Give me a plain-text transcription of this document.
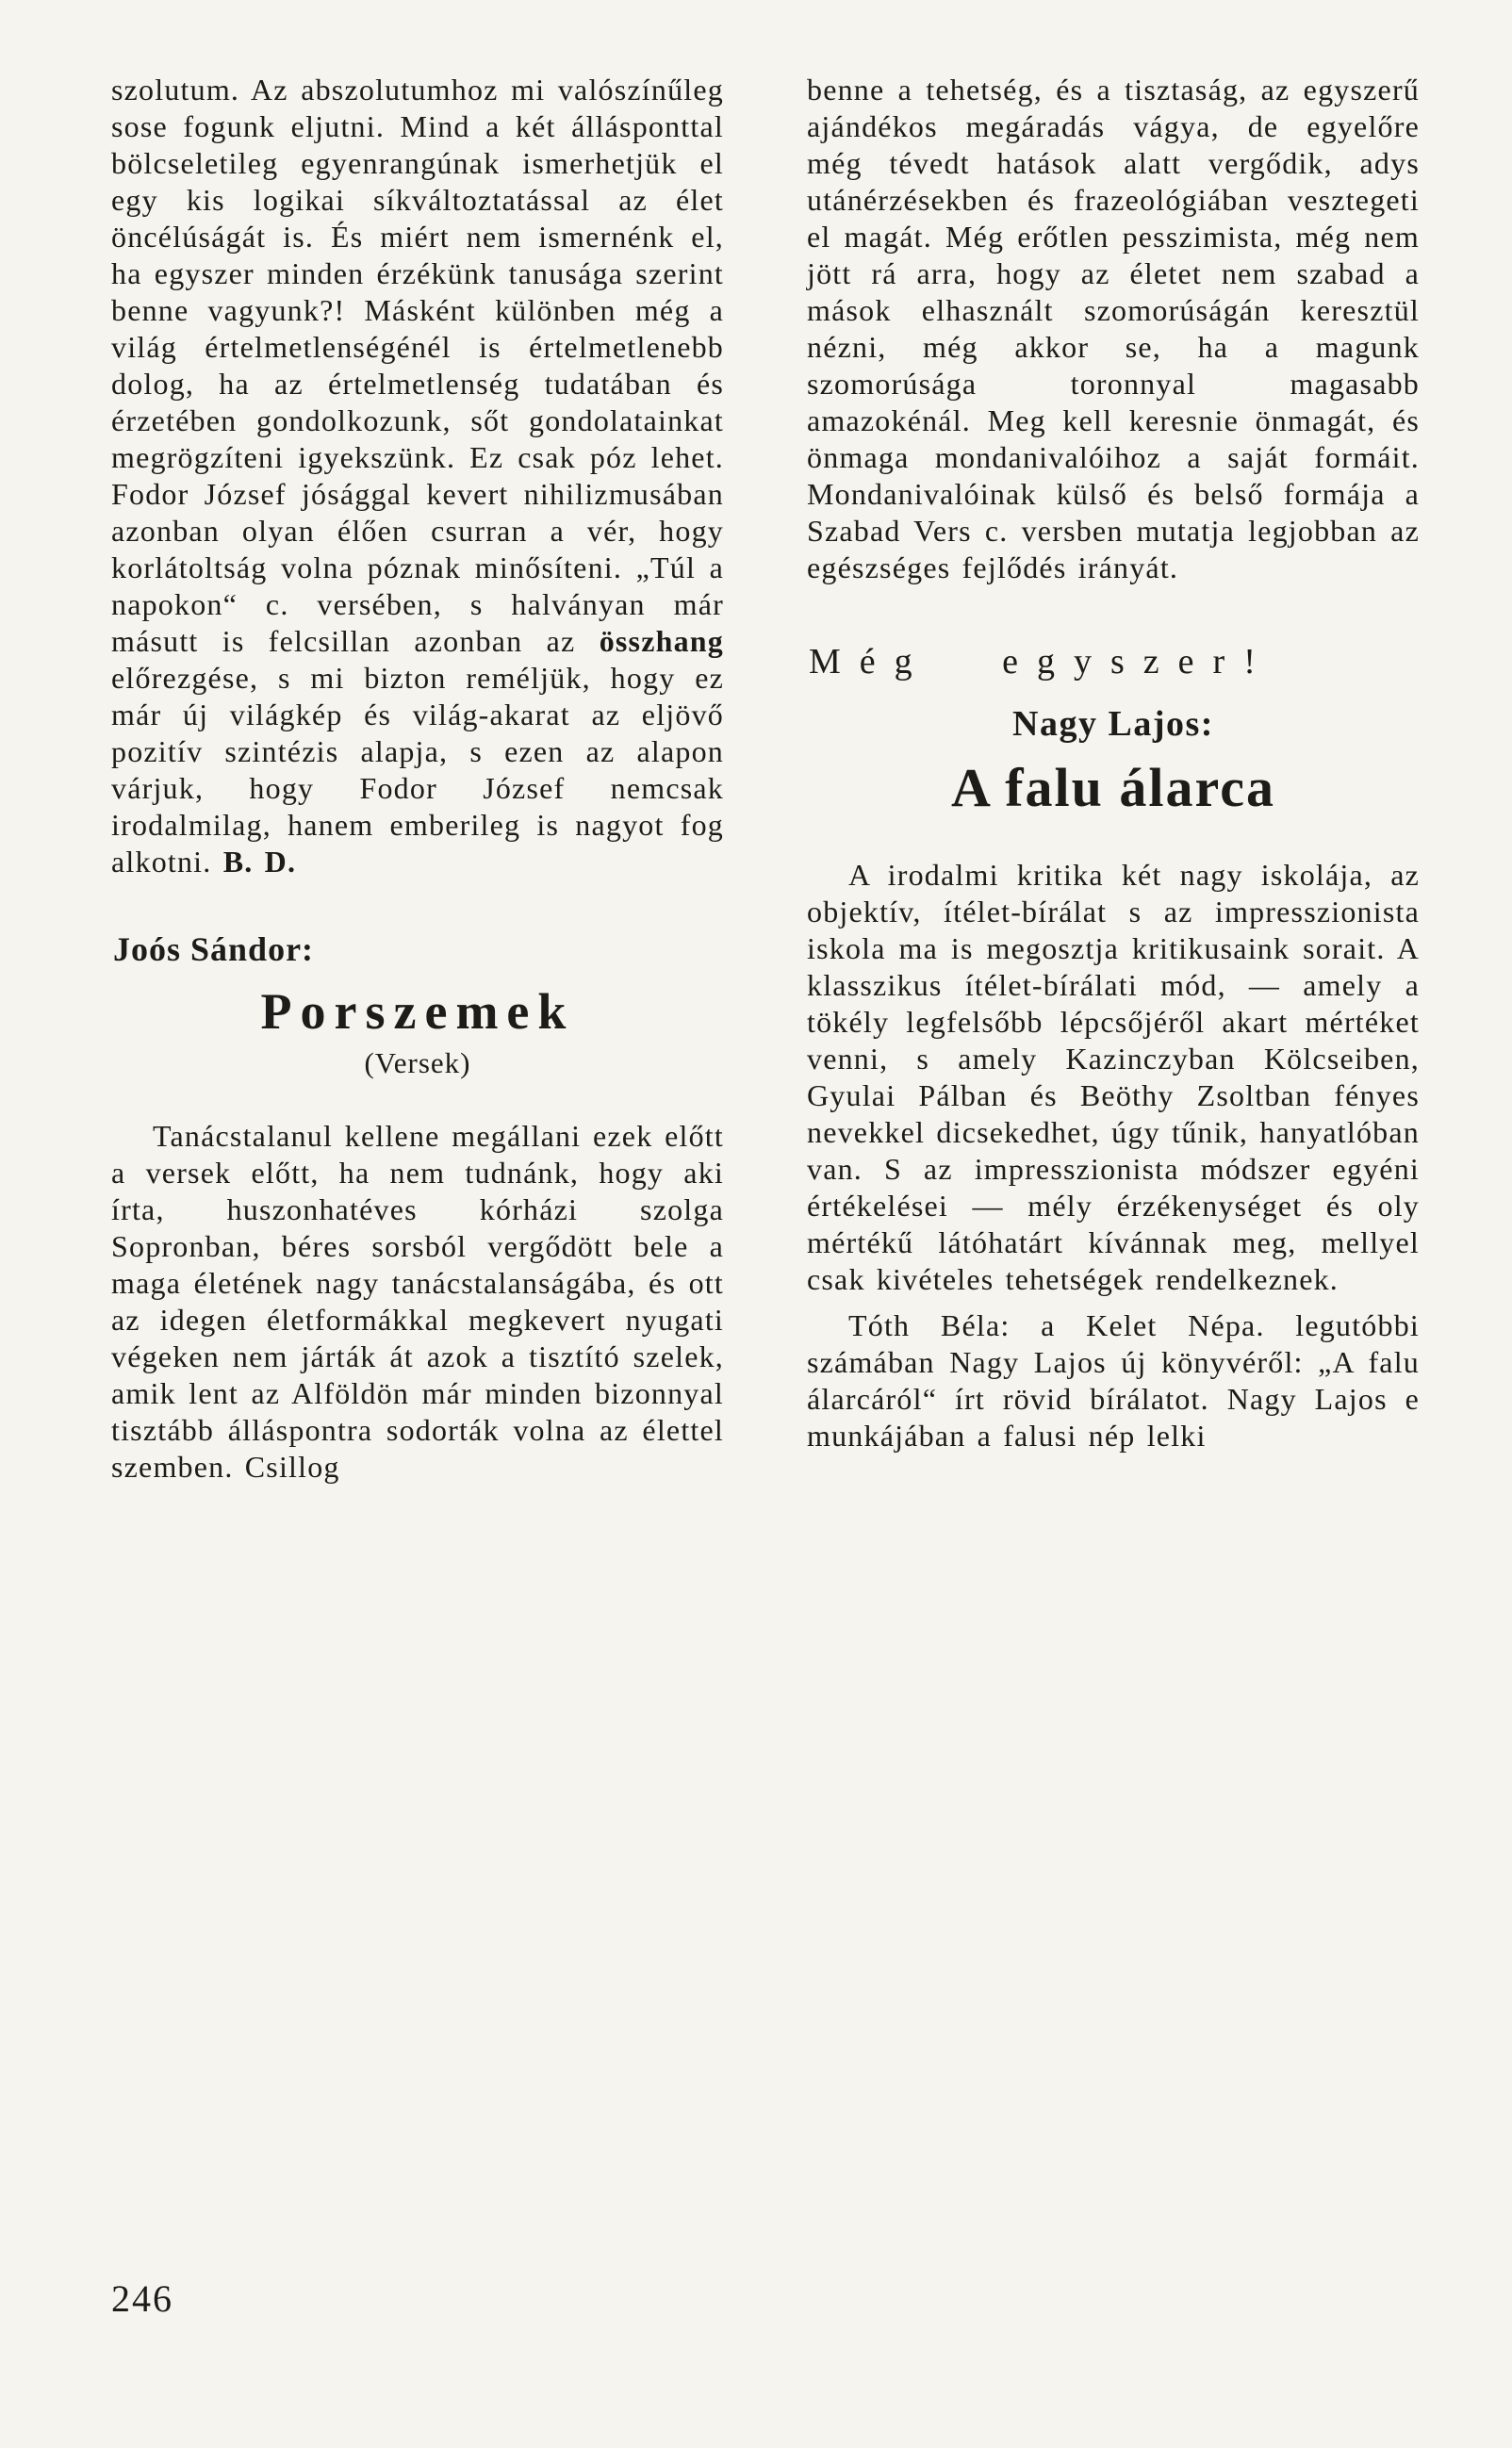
szolutum. Az abszolutumhoz mi valószínűleg sose fogunk eljutni. Mind a két állásponttal bölcseletileg egyenrangúnak ismerhetjük el egy kis logikai síkváltoztatással az élet öncélúságát is. És miért nem ismernénk el, ha egyszer minden érzékünk tanusága szerint benne vagyunk?! Másként különben még a világ értelmetlenségénél is értelmetlenebb dolog, ha az értelmetlenség tudatában és érzetében gondolkozunk, sőt gondolatainkat megrögzíteni igyekszünk. Ez csak póz lehet. Fodor József jósággal kevert nihilizmusában azonban olyan élően csurran a vér, hogy korlátoltság volna póznak minősíteni. „Túl a napokon“ c. versében, s halványan már másutt is felcsillan azonban az összhang előrezgése, s mi bizton reméljük, hogy ez már új világkép és világ-akarat az eljövő pozitív szintézis alapja, s ezen az alapon várjuk, hogy Fodor József nemcsak irodalmilag, hanem emberileg is nagyot fog alkotni. B. D.

Joós Sándor:
Porszemek
(Versek)

Tanácstalanul kellene megállani ezek előtt a versek előtt, ha nem tudnánk, hogy aki írta, huszonhatéves kórházi szolga Sopronban, béres sorsból vergődött bele a maga életének nagy tanácstalanságába, és ott az idegen életformákkal megkevert nyugati végeken nem járták át azok a tisztító szelek, amik lent az Alföldön már minden bizonnyal tisztább álláspontra sodorták volna az élettel szemben. Csillog

benne a tehetség, és a tisztaság, az egyszerű ajándékos megáradás vágya, de egyelőre még tévedt hatások alatt vergődik, adys utánérzésekben és frazeológiában vesztegeti el magát. Még erőtlen pesszimista, még nem jött rá arra, hogy az életet nem szabad a mások elhasznált szomorúságán keresztül nézni, még akkor se, ha a magunk szomorúsága toronnyal magasabb amazokénál. Meg kell keresnie önmagát, és önmaga mondanivalóihoz a saját formáit. Mondanivalóinak külső és belső formája a Szabad Vers c. versben mutatja legjobban az egészséges fejlődés irányát.

Még egyszer!
Nagy Lajos:
A falu álarca

A irodalmi kritika két nagy iskolája, az objektív, ítélet-bírálat s az impresszionista iskola ma is megosztja kritikusaink sorait. A klasszikus ítélet-bírálati mód, — amely a tökély legfelsőbb lépcsőjéről akart mértéket venni, s amely Kazinczyban Kölcseiben, Gyulai Pálban és Beöthy Zsoltban fényes nevekkel dicsekedhet, úgy tűnik, hanyatlóban van. S az impresszionista módszer egyéni értékelései — mély érzékenységet és oly mértékű látóhatárt kívánnak meg, mellyel csak kivételes tehetségek rendelkeznek.

Tóth Béla: a Kelet Népa. legutóbbi számában Nagy Lajos új könyvéről: „A falu álarcáról“ írt rövid bírálatot. Nagy Lajos e munkájában a falusi nép lelki

246
